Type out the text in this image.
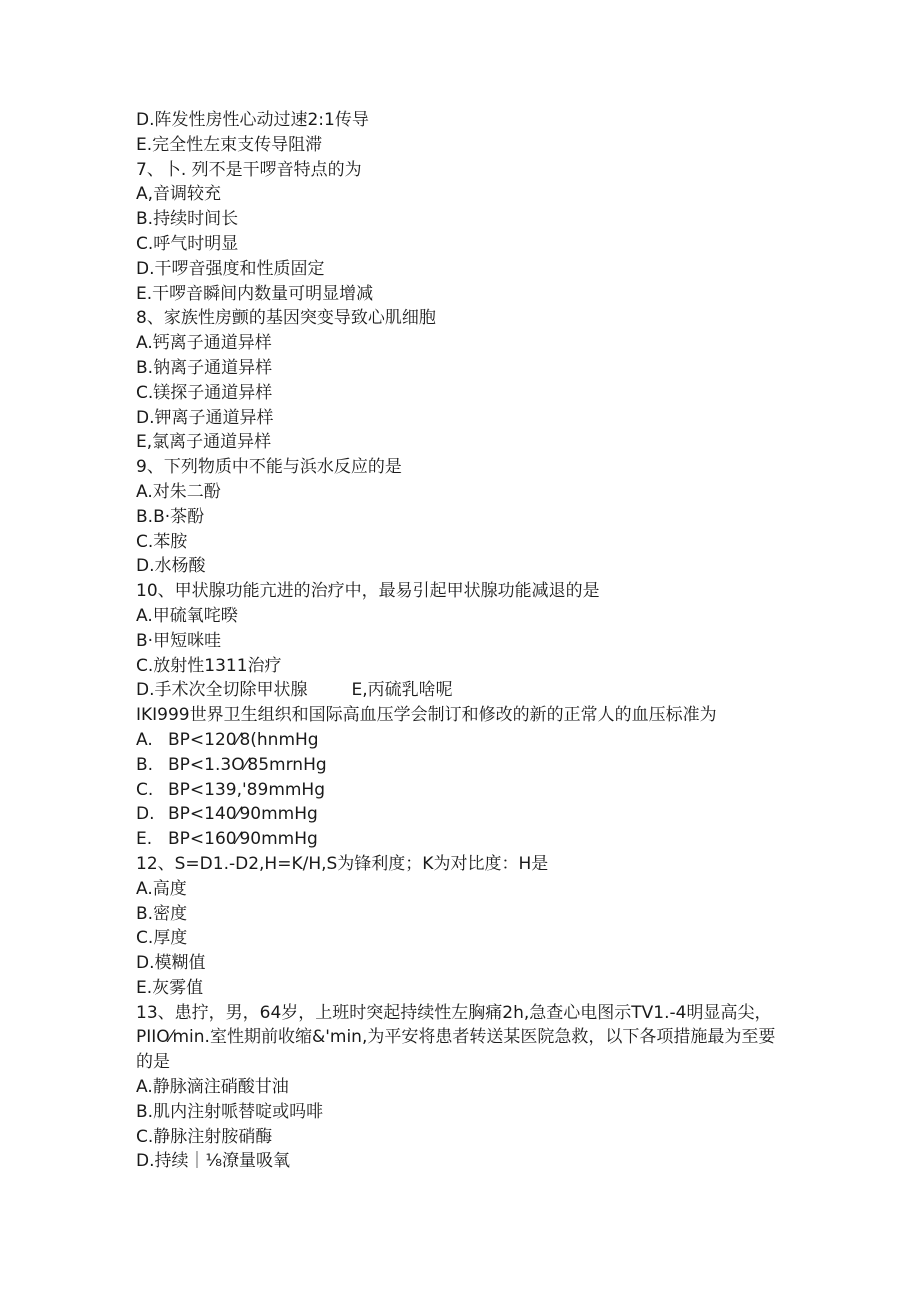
D.阵发性房性心动过速2:1传导
E.完全性左束支传导阻滞
7、卜. 列不是干啰音特点的为
A,音调较充
B.持续时间长
C.呼气时明显
D.干啰音强度和性质固定
E.干啰音瞬间内数量可明显增减
8、家族性房颤的基因突变导致心肌细胞
A.钙离子通道异样
B.钠离子通道异样
C.镁探子通道异样
D.钾离子通道异样
E,氯离子通道异样
9、下列物质中不能与浜水反应的是
A.对朱二酚
B.B·茶酚
C.苯胺
D.水杨酸
10、甲状腺功能亢进的治疗中，最易引起甲状腺功能减退的是
A.甲硫氧咤暌
B·甲短咪哇
C.放射性1311治疗
D.手术次全切除甲状腺	E,丙硫乳啥呢
IKI999世界卫生组织和国际高血压学会制订和修改的新的正常人的血压标准为
A. BP<120⁄8(hnmHg
B. BP<1.3O⁄85mrnHg
C. BP<139,'89mmHg
D. BP<140⁄90mmHg
E. BP<160⁄90mmHg
12、S=D1.-D2,H=K/H,S为锋利度；K为对比度：H是
A.高度
B.密度
C.厚度
D.模糊值
E.灰雾值
13、患拧，男，64岁，上班时突起持续性左胸痛2h,急查心电图示TV1.-4明显高尖，PIIO⁄min.室性期前收缩&'min,为平安将患者转送某医院急救，以下各项措施最为至要的是
A.静脉滴注硝酸甘油
B.肌内注射哌替啶或吗啡
C.静脉注射胺硝酶
D.持续｜⅛潦量吸氧
